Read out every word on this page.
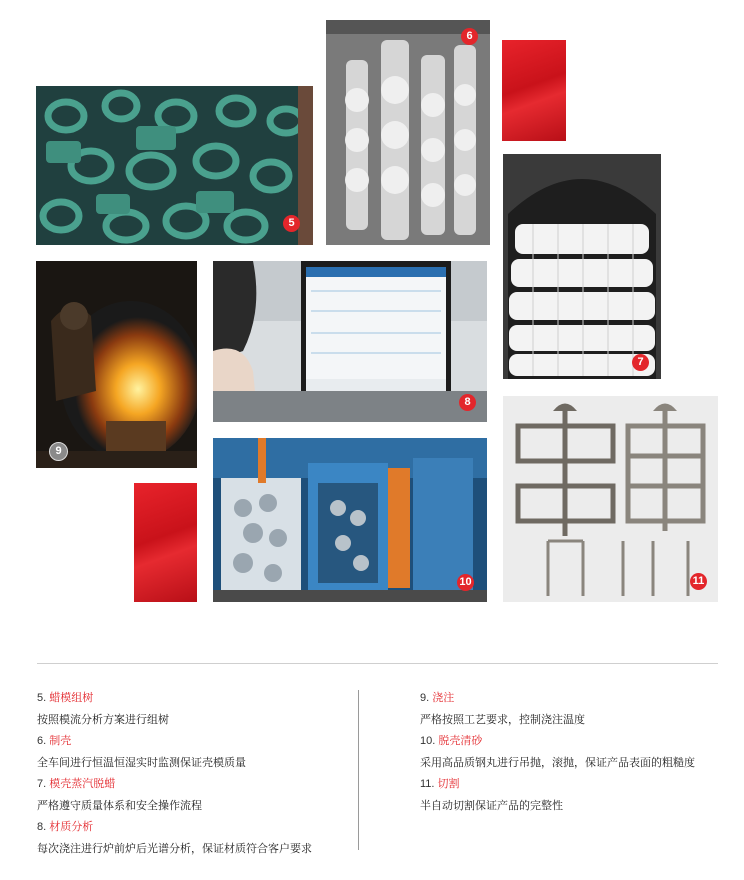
5
6
7
9
8
11
10
5. 蜡模组树
按照模流分析方案进行组树
6. 制壳
全车间进行恒温恒湿实时监测保证壳模质量
7. 模壳蒸汽脱蜡
严格遵守质量体系和安全操作流程
8. 材质分析
每次浇注进行炉前炉后光谱分析，保证材质符合客户要求
9. 浇注
严格按照工艺要求，控制浇注温度
10. 脱壳清砂
采用高品质钢丸进行吊抛，滚抛，保证产品表面的粗糙度
11. 切割
半自动切割保证产品的完整性
